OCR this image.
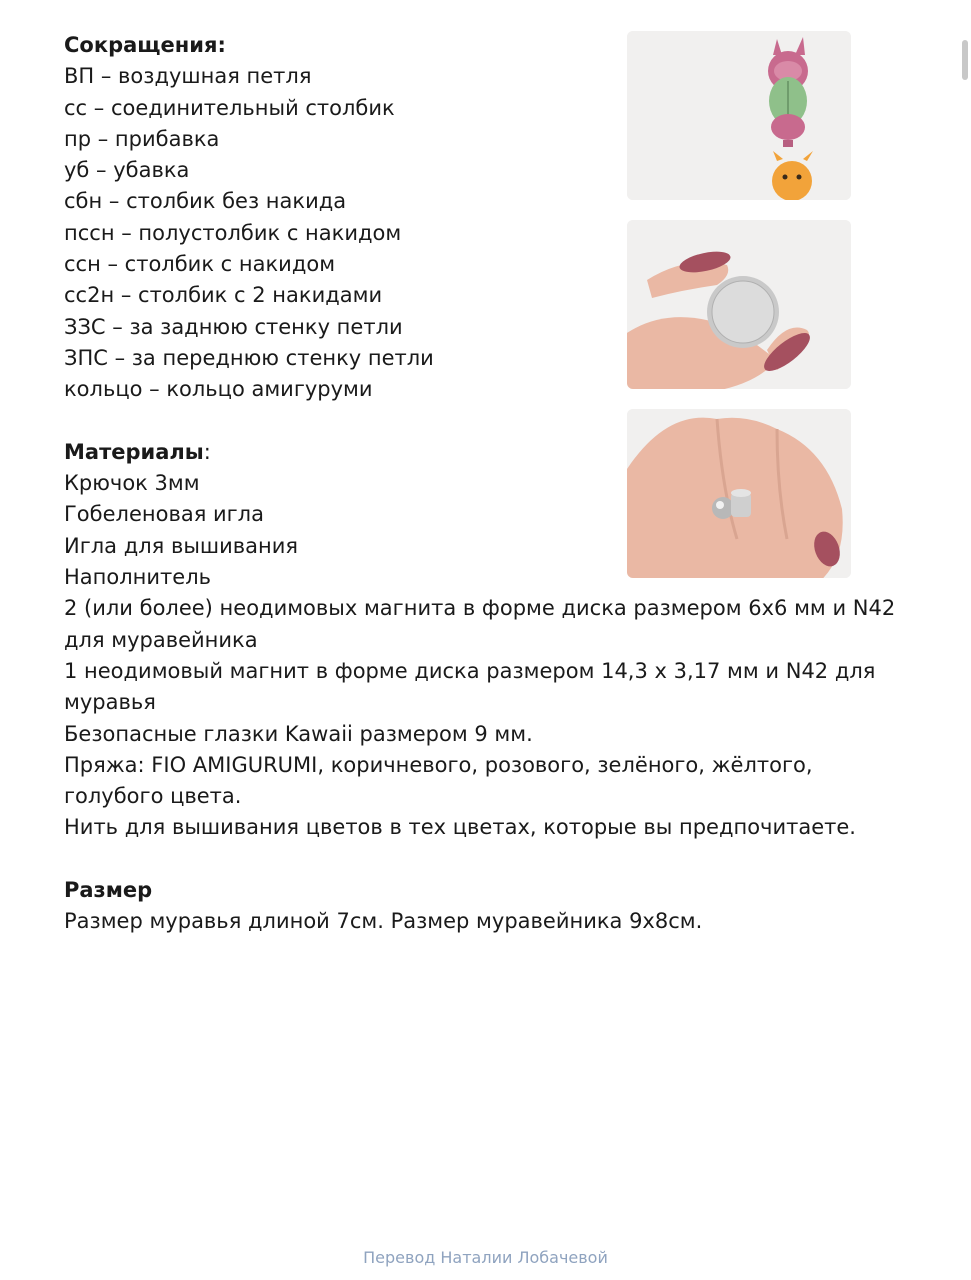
Сокращения:
ВП – воздушная петля
сс – соединительный столбик
пр – прибавка
уб – убавка
сбн – столбик без накида
пссн – полустолбик с накидом
ссн – столбик с накидом
сс2н – столбик с 2 накидами
ЗЗС – за заднюю стенку петли
ЗПС – за переднюю стенку петли
кольцо – кольцо амигуруми
Материалы:
Крючок 3мм
Гобеленовая игла
Игла для вышивания
Наполнитель
2 (или более) неодимовых магнита в форме диска размером 6х6 мм и N42
для муравейника
1 неодимовый магнит в форме диска размером 14,3 x 3,17 мм и N42 для
муравья
Безопасные глазки Kawaii размером 9 мм.
Пряжа: FIO AMIGURUMI, коричневого, розового, зелёного, жёлтого,
голубого цвета.
Нить для вышивания цветов в тех цветах, которые вы предпочитаете.
Размер
Размер муравья длиной 7см. Размер муравейника 9х8см.
Перевод Наталии Лобачевой
